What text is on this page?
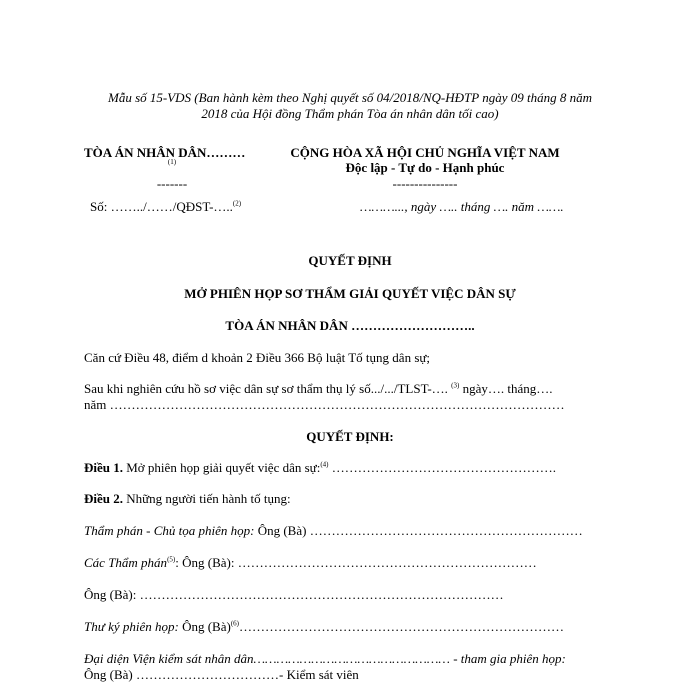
Mẫu số 15-VDS (Ban hành kèm theo Nghị quyết số 04/2018/NQ-HĐTP ngày 09 tháng 8 năm
2018 của Hội đồng Thẩm phán Tòa án nhân dân tối cao)
TÒA ÁN NHÂN DÂN………
(1)
-------
Số: ……../……/QĐST-…..$^{(2)}$
CỘNG HÒA XÃ HỘI CHỦ NGHĨA VIỆT NAM
Độc lập - Tự do - Hạnh phúc
---------------
………..., ngày ….. tháng …. năm …….
QUYẾT ĐỊNH
MỞ PHIÊN HỌP SƠ THẨM GIẢI QUYẾT VIỆC DÂN SỰ
TÒA ÁN NHÂN DÂN ………………………..
Căn cứ Điều 48, điểm d khoản 2 Điều 366 Bộ luật Tố tụng dân sự;
Sau khi nghiên cứu hồ sơ việc dân sự sơ thẩm thụ lý số.../.../TLST-…. $^{(3)}$ ngày…. tháng….
năm ……………………………………………………………………………………………
QUYẾT ĐỊNH:
Điều 1. Mở phiên họp giải quyết việc dân sự:$^{(4)}$ …………………………………………….
Điều 2. Những người tiến hành tố tụng:
Thẩm phán - Chủ tọa phiên họp: Ông (Bà) ………………………………………………………
Các Thẩm phán$^{(5)}$: Ông (Bà): ……………………………………………………………
Ông (Bà): …………………………………………………………………………
Thư ký phiên họp: Ông (Bà)$^{(6)}$…………………………………………………………………
Đại diện Viện kiểm sát nhân dân…………………………………………… - tham gia phiên họp:
Ông (Bà) ……………………………- Kiểm sát viên
